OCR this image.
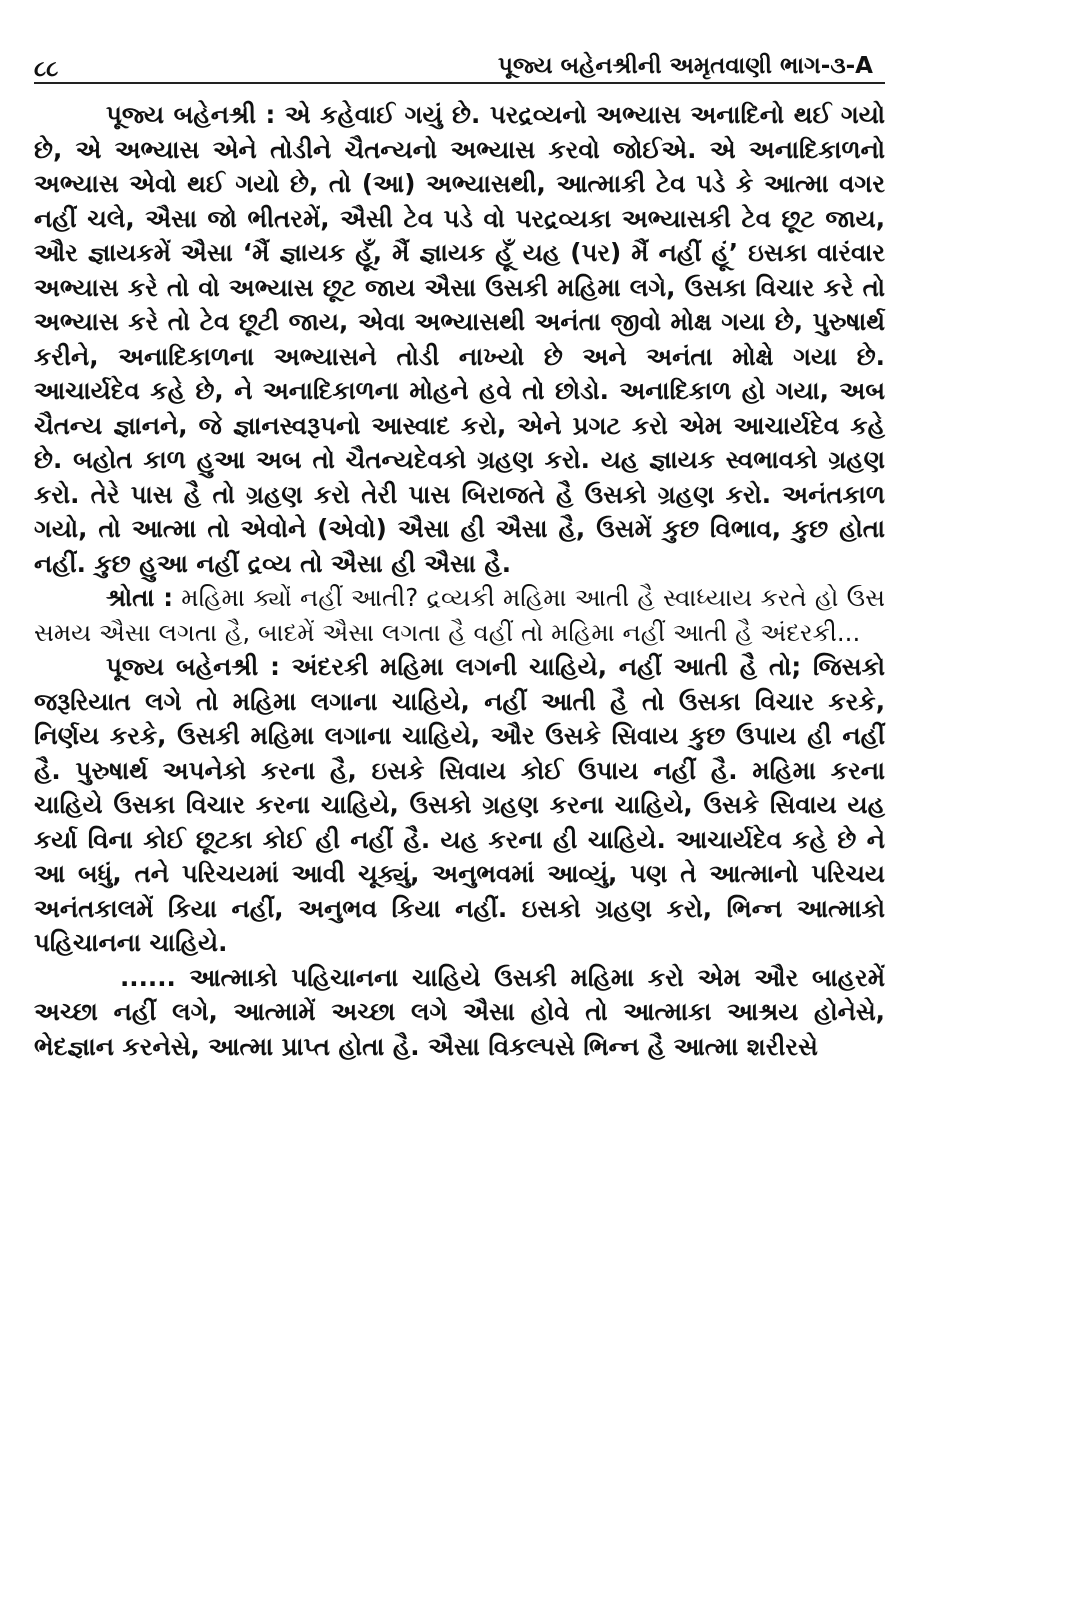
૮૮	પૂજ્ય બહેનશ્રીની અમૃતવાણી ભાગ-૩-A

પૂજ્ય બહેનશ્રી : એ કહેવાઈ ગયું છે. પરદ્રવ્યનો અભ્યાસ અનાદિનો થઈ ગયો છે, એ અભ્યાસ એને તોડીને ચૈતન્યનો અભ્યાસ કરવો જોઈએ. એ અનાદિકાળનો અભ્યાસ એવો થઈ ગયો છે, તો (આ) અભ્યાસથી, આત્માકી ટેવ પડે કે આત્મા વગર નહીં ચલે, ઐસા જો ભીતરમેં, ઐસી ટેવ પડે વો પરદ્રવ્યકા અભ્યાસકી ટેવ છૂટ જાય, ઔર જ્ઞાયકમેં ઐસા ‘મૈં જ્ઞાયક હૂઁ, મૈં જ્ઞાયક હૂઁ યહ (પર) મૈં નહીં હૂં’ ઇસકા વારંવાર અભ્યાસ કરે તો વો અભ્યાસ છૂટ જાય ઐસા ઉસકી મહિમા લગે, ઉસકા વિચાર કરે તો અભ્યાસ કરે તો ટેવ છૂટી જાય, એવા અભ્યાસથી અનંતા જીવો મોક્ષ ગયા છે, પુરુષાર્થ કરીને, અનાદિકાળના અભ્યાસને તોડી નાખ્યો છે અને અનંતા મોક્ષે ગયા છે. આચાર્યદેવ કહે છે, ને અનાદિકાળના મોહને હવે તો છોડો. અનાદિકાળ હો ગયા, અબ ચૈતન્ય જ્ઞાનને, જે જ્ઞાનસ્વરૂપનો આસ્વાદ કરો, એને પ્રગટ કરો એમ આચાર્યદેવ કહે છે. બહોત કાળ હુઆ અબ તો ચૈતન્યદેવકો ગ્રહણ કરો. યહ જ્ઞાયક સ્વભાવકો ગ્રહણ કરો. તેરે પાસ હૈ તો ગ્રહણ કરો તેરી પાસ બિરાજતે હૈ ઉસકો ગ્રહણ કરો. અનંતકાળ ગયો, તો આત્મા તો એવોને (એવો) ઐસા હી ઐસા હૈ, ઉસમેં કુછ વિભાવ, કુછ હોતા નહીં. કુછ હુઆ નહીં દ્રવ્ય તો ઐસા હી ઐસા હૈ.

શ્રોતા : મહિમા ક્યોં નહીં આતી? દ્રવ્યકી મહિમા આતી હૈ સ્વાધ્યાય કરતે હો ઉસ સમય ઐસા લગતા હૈ, બાદમેં ઐસા લગતા હૈ વહીં તો મહિમા નહીં આતી હૈ અંદરકી...

પૂજ્ય બહેનશ્રી : અંદરકી મહિમા લગની ચાહિયે, નહીં આતી હૈ તો; જિસકો જરૂરિયાત લગે તો મહિમા લગાના ચાહિયે, નહીં આતી હૈ તો ઉસકા વિચાર કરકે, નિર્ણય કરકે, ઉસકી મહિમા લગાના ચાહિયે, ઔર ઉસકે સિવાય કુછ ઉપાય હી નહીં હૈ. પુરુષાર્થ અપનેકો કરના હૈ, ઇસકે સિવાય કોઈ ઉપાય નહીં હૈ. મહિમા કરના ચાહિયે ઉસકા વિચાર કરના ચાહિયે, ઉસકો ગ્રહણ કરના ચાહિયે, ઉસકે સિવાય યહ કર્યા વિના કોઈ છૂટકા કોઈ હી નહીં હૈ. યહ કરના હી ચાહિયે. આચાર્યદેવ કહે છે ને આ બધું, તને પરિચયમાં આવી ચૂક્યું, અનુભવમાં આવ્યું, પણ તે આત્માનો પરિચય અનંતકાલમેં કિયા નહીં, અનુભવ કિયા નહીં. ઇસકો ગ્રહણ કરો, ભિન્ન આત્માકો પહિચાનના ચાહિયે.

...... આત્માકો પહિચાનના ચાહિયે ઉસકી મહિમા કરો એમ ઔર બાહરમેં અચ્છા નહીં લગે, આત્મામેં અચ્છા લગે ઐસા હોવે તો આત્માકા આશ્રય હોનેસે, ભેદજ્ઞાન કરનેસે, આત્મા પ્રાપ્ત હોતા હૈ. ઐસા વિકલ્પસે ભિન્ન હૈ આત્મા શરીરસે
